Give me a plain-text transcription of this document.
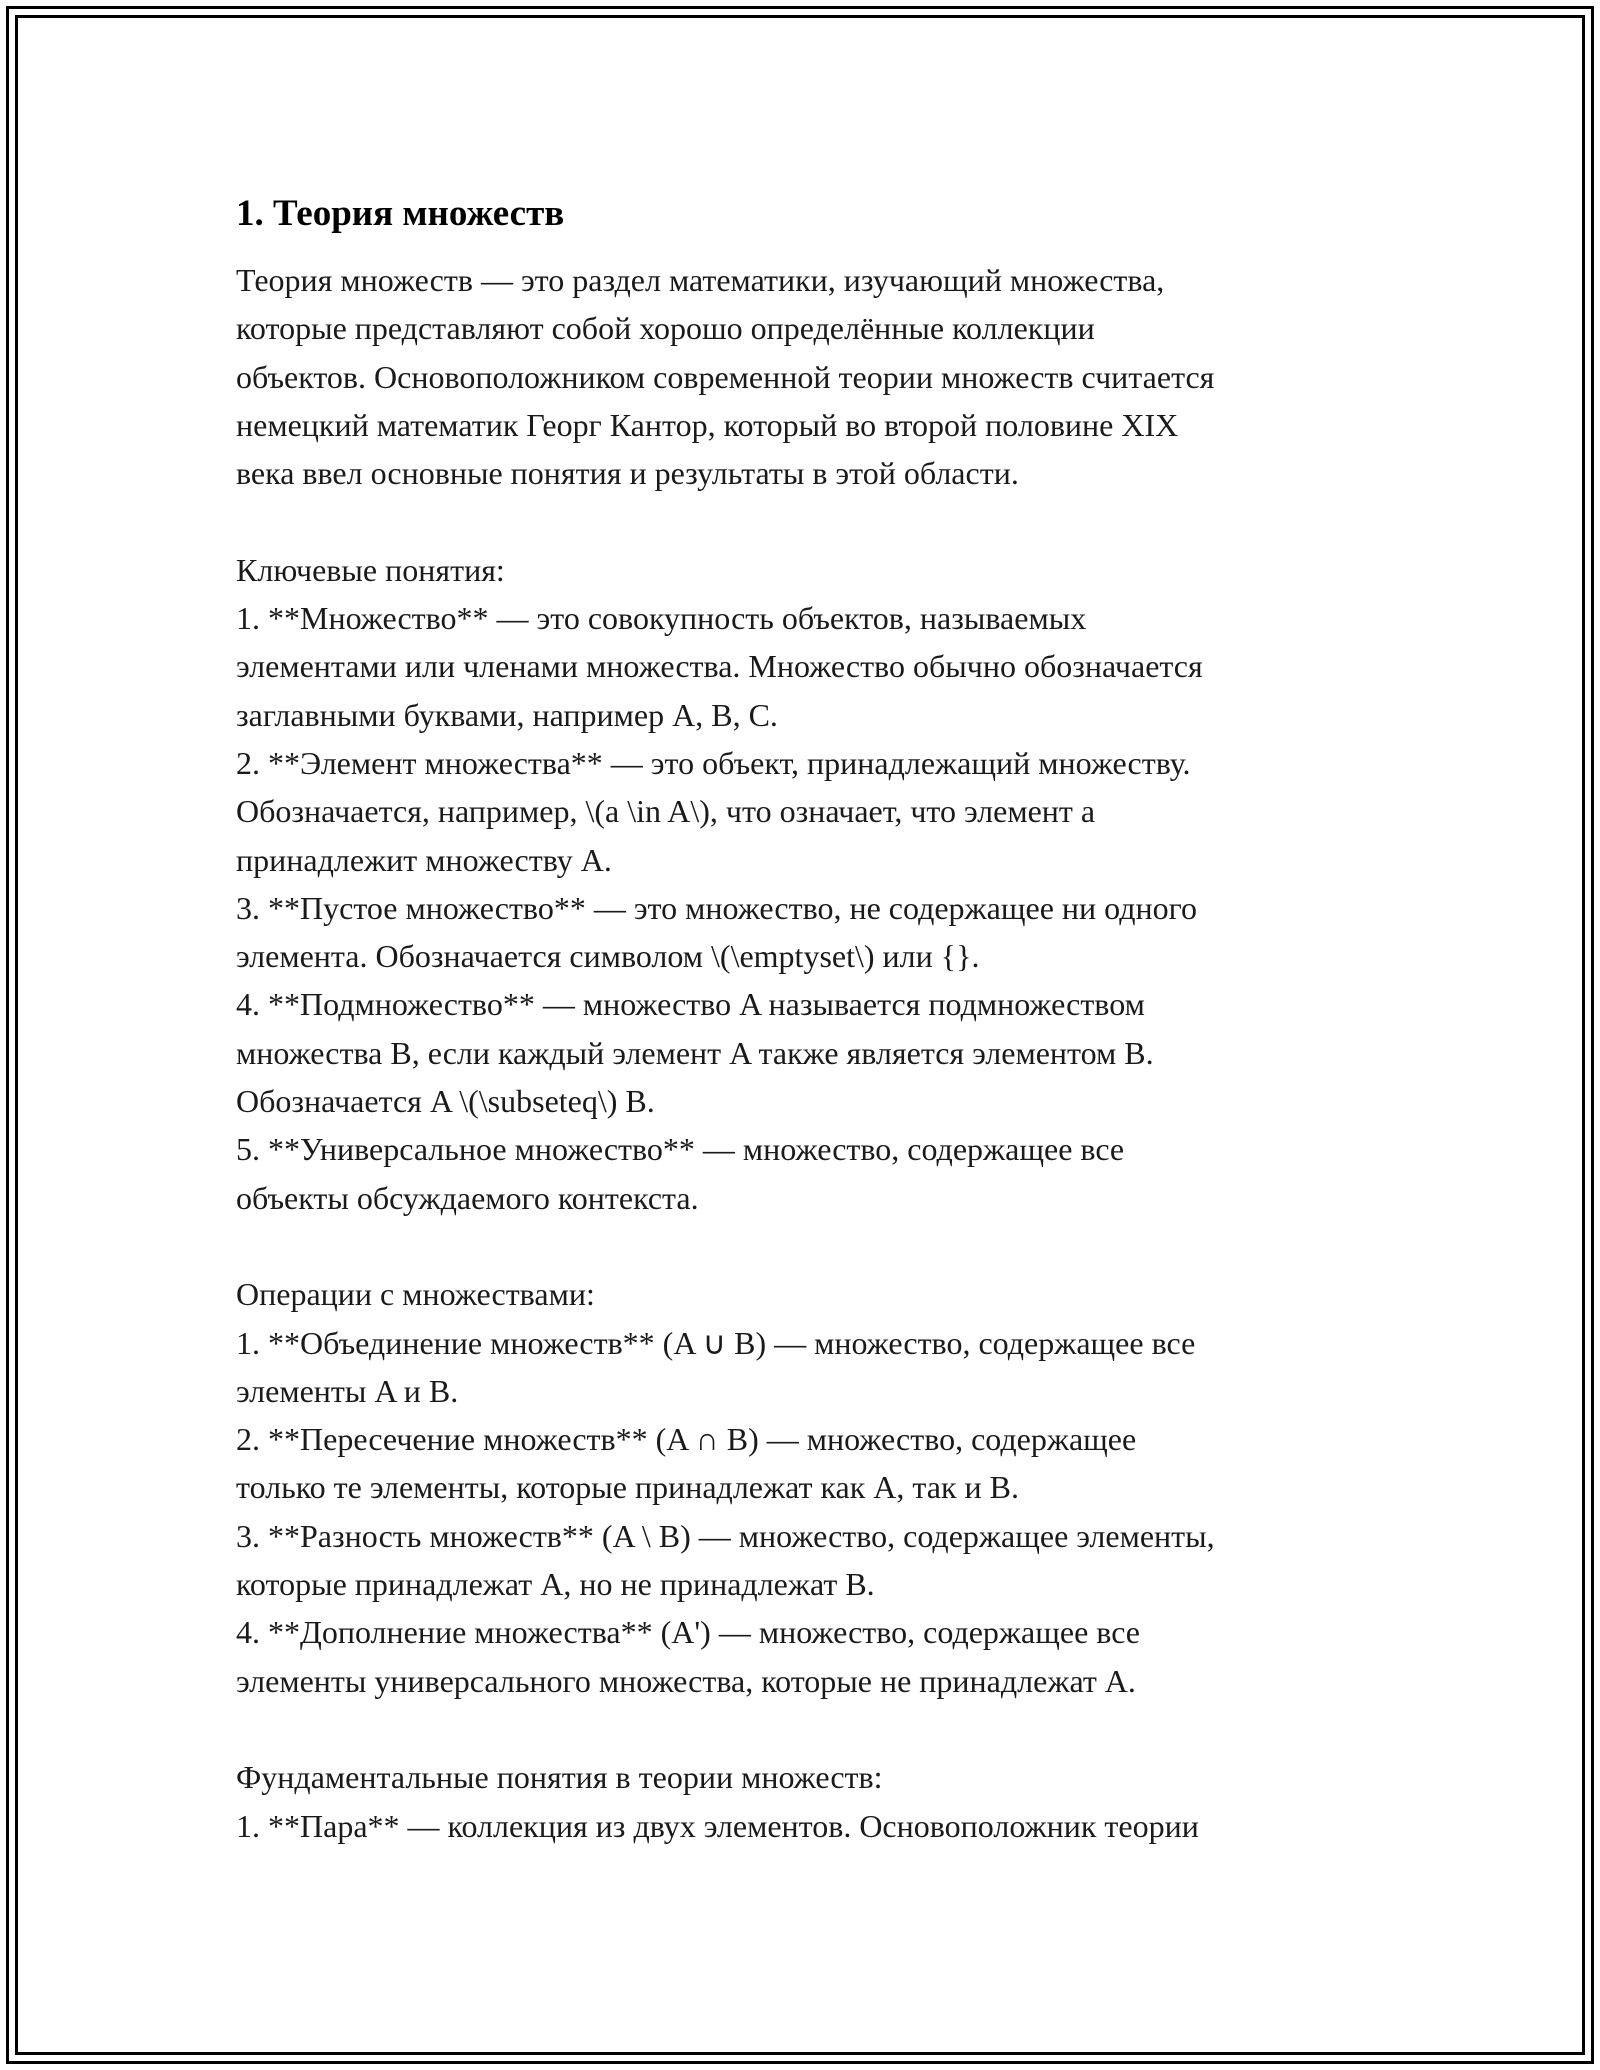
1. Теория множеств
Теория множеств — это раздел математики, изучающий множества,
которые представляют собой хорошо определённые коллекции
объектов. Основоположником современной теории множеств считается
немецкий математик Георг Кантор, который во второй половине XIX
века ввел основные понятия и результаты в этой области.
Ключевые понятия:
1. **Множество** — это совокупность объектов, называемых
элементами или членами множества. Множество обычно обозначается
заглавными буквами, например A, B, C.
2. **Элемент множества** — это объект, принадлежащий множеству.
Обозначается, например, \(a \in A\), что означает, что элемент a
принадлежит множеству A.
3. **Пустое множество** — это множество, не содержащее ни одного
элемента. Обозначается символом \(\emptyset\) или {}.
4. **Подмножество** — множество A называется подмножеством
множества B, если каждый элемент A также является элементом B.
Обозначается A \(\subseteq\) B.
5. **Универсальное множество** — множество, содержащее все
объекты обсуждаемого контекста.
Операции с множествами:
1. **Объединение множеств** (A ∪ B) — множество, содержащее все
элементы A и B.
2. **Пересечение множеств** (A ∩ B) — множество, содержащее
только те элементы, которые принадлежат как A, так и B.
3. **Разность множеств** (A \ B) — множество, содержащее элементы,
которые принадлежат A, но не принадлежат B.
4. **Дополнение множества** (A') — множество, содержащее все
элементы универсального множества, которые не принадлежат A.
Фундаментальные понятия в теории множеств:
1. **Пара** — коллекция из двух элементов. Основоположник теории
